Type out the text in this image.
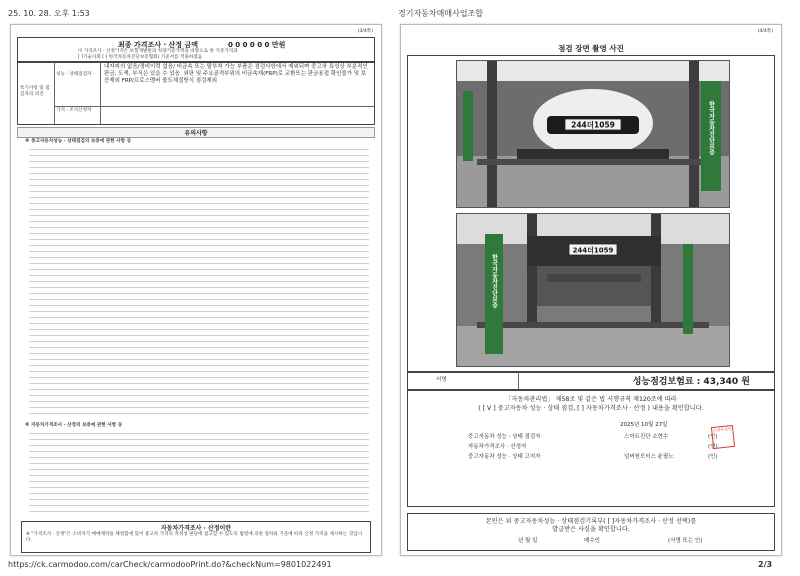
25. 10. 28. 오후 1:53	경기자동차매매사업조합
(3/4쪽)
최종 가격조사 · 산정 금액	0 0 0 0 0 0 만원
이 가격조사 · 산정가격은 보험개발원의 차량기준가액을 바탕으로 한 기준가격과
[ ]기술사회 [ ] 한국자동차진단보증협회) 기준서를 적용하였음
특기사항 및 점검자의 의견
성능 · 상태점검자
내자피의 없음/정비이력 없음/ 비금속 또는 탈부착 가능 부품은 점검사항에서 제외되며 중고차 특성상 부분적인 판금, 도색, 부식은 있을 수 있음. 외판 및 주요골격부위의 비금속재(FRP)로 교환또는 판금용접 확인불가 및 보증제외 FRP/프로스멤버 볼트체결방식 점검제외
가격 · 조사산정자
유의사항
※ 중고자동차성능 · 상태점검의 보증에 관한 사항 등
※ 자동차가격조사 · 산정의 보증에 관한 사항 등
자동차가격조사 · 산정이란
※ "가격조사 · 산정"은 소비자가 매매계약을 체결함에 있어 중고차 가격의 적정성 판단에 참고할 수 있도록 법령에 의한 절차와 기준에 따라 산정 가격을 제시하는 것입니다.
(4/4쪽)
점검 장면 촬영 사진
244더1059	한국자동차진단보증
244더1059
한국자동차진단보증
서명	성능점검보험료 : 43,340 원
「자동차관리법」 제58조 및 같은 법 시행규칙 제120조에 따라
( [ V ] 중고자동차 성능 · 상태 점검, [ ] 자동차가격조사 · 산정 ) 내용을 확인합니다.
2025년 10월 27일
중고자동차 성능 · 상태 점검자	스마트진단 소현수	(인)
자동차가격조사 · 산정자	(인)
중고자동차 성능 · 상태 고지자	넘버원모터스 윤필노	(인)
스마트진단
본인은 위 중고자동차성능 · 상태점검기록부( [ ]자동차가격조사 · 산정 선택)를
발급받은 사실을 확인합니다.
년 월 일	매수인	(서명 또는 인)
https://ck.carmodoo.com/carCheck/carmodooPrint.do?&checkNum=9801022491	2/3
